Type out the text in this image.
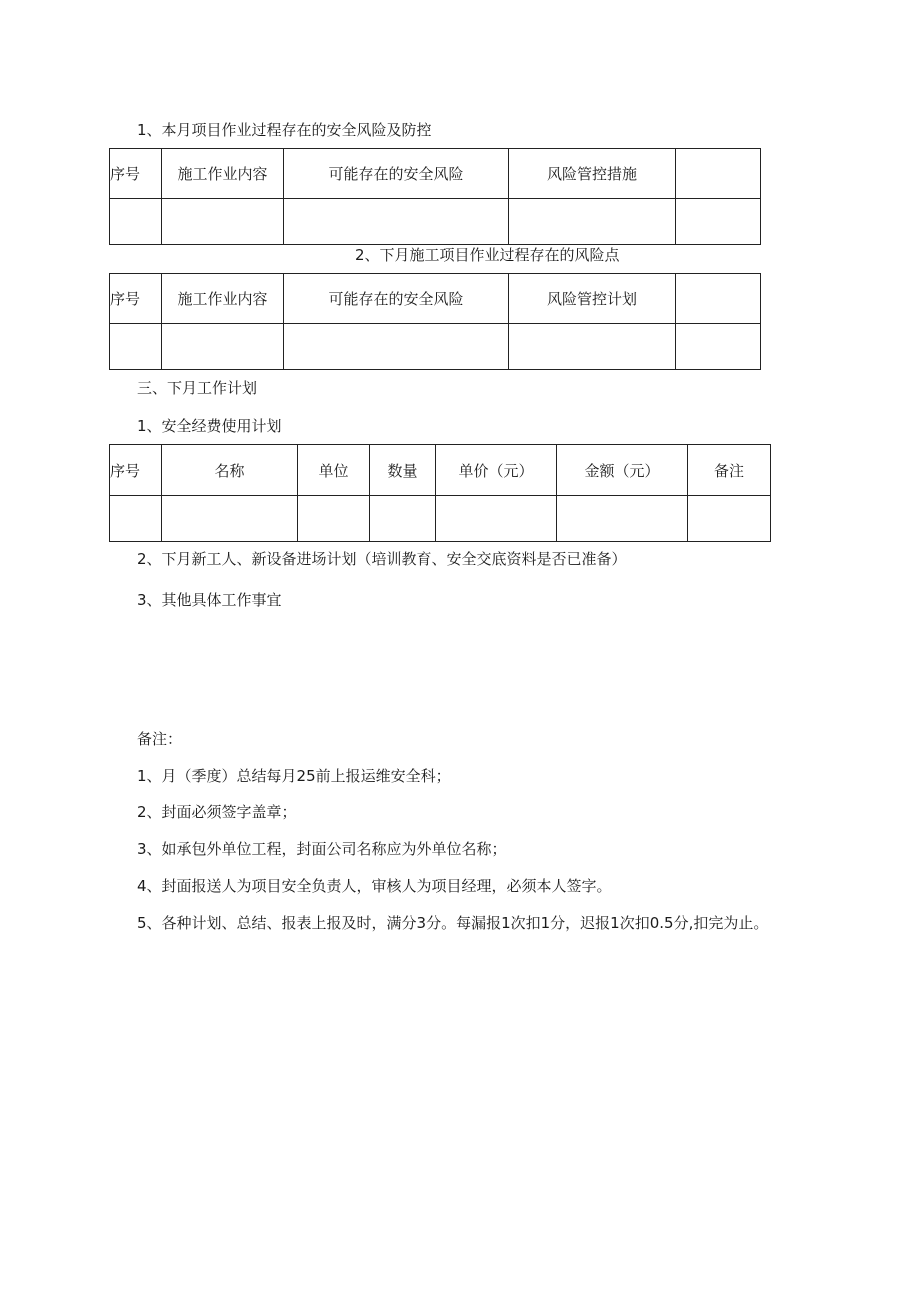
1、本月项目作业过程存在的安全风险及防控
序号	施工作业内容	可能存在的安全风险	风险管控措施	

2、下月施工项目作业过程存在的风险点
序号	施工作业内容	可能存在的安全风险	风险管控计划	

三、下月工作计划
1、安全经费使用计划
序号	名称	单位	数量	单价（元）	金额（元）	备注

2、下月新工人、新设备进场计划（培训教育、安全交底资料是否已准备）
3、其他具体工作事宜
备注：
1、月（季度）总结每月25前上报运维安全科；
2、封面必须签字盖章；
3、如承包外单位工程，封面公司名称应为外单位名称；
4、封面报送人为项目安全负责人，审核人为项目经理，必须本人签字。
5、各种计划、总结、报表上报及时，满分3分。每漏报1次扣1分，迟报1次扣0.5分,扣完为止。
